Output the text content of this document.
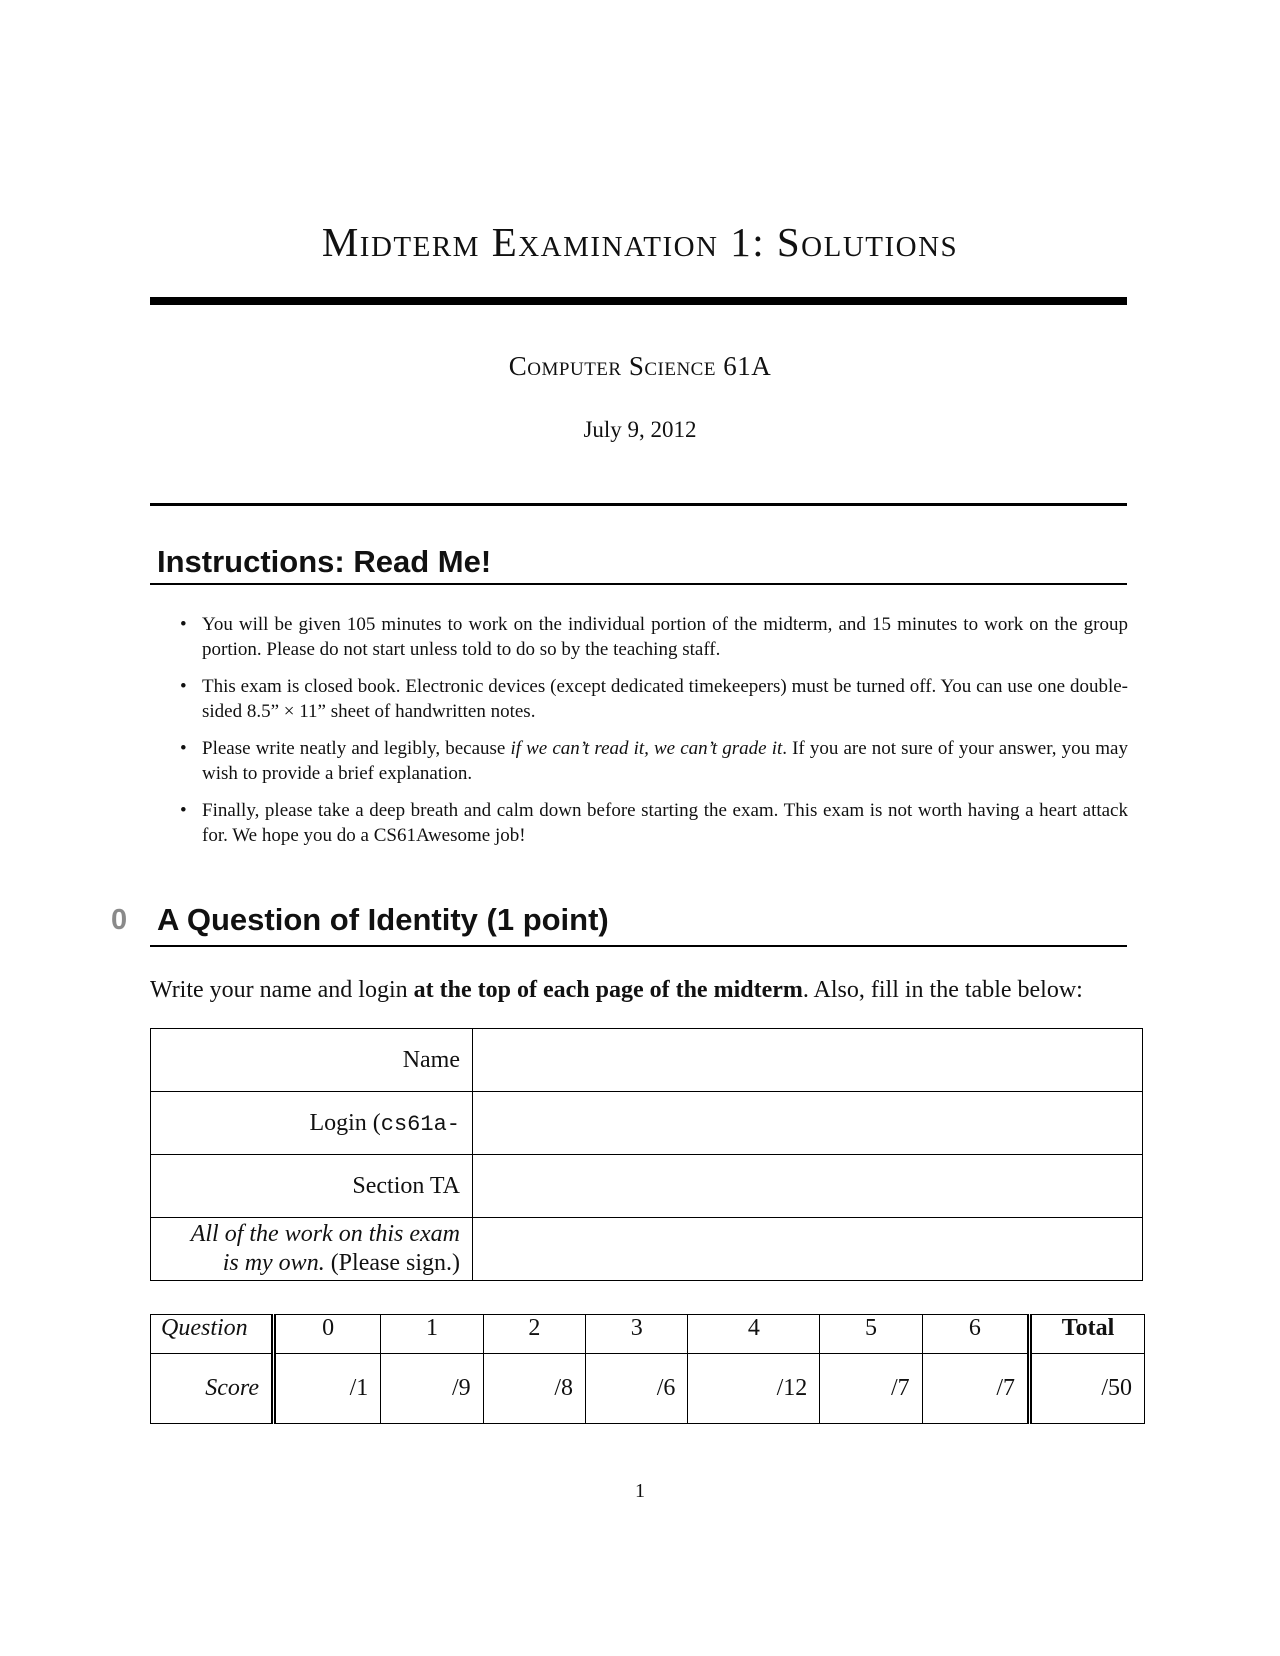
Midterm Examination 1: Solutions
Computer Science 61A
July 9, 2012
Instructions: Read Me!
• You will be given 105 minutes to work on the individual portion of the midterm, and 15 minutes to work on the group portion. Please do not start unless told to do so by the teaching staff.
• This exam is closed book. Electronic devices (except dedicated timekeepers) must be turned off. You can use one double-sided 8.5” × 11” sheet of handwritten notes.
• Please write neatly and legibly, because if we can’t read it, we can’t grade it. If you are not sure of your answer, you may wish to provide a brief explanation.
• Finally, please take a deep breath and calm down before starting the exam. This exam is not worth having a heart attack for. We hope you do a CS61Awesome job!
0 A Question of Identity (1 point)
Write your name and login at the top of each page of the midterm. Also, fill in the table below:
Name	
Login (cs61a-	
Section TA	
All of the work on this exam
is my own. (Please sign.)	
Question	0	1	2	3	4	5	6	Total
Score	/1	/9	/8	/6	/12	/7	/7	/50
1
